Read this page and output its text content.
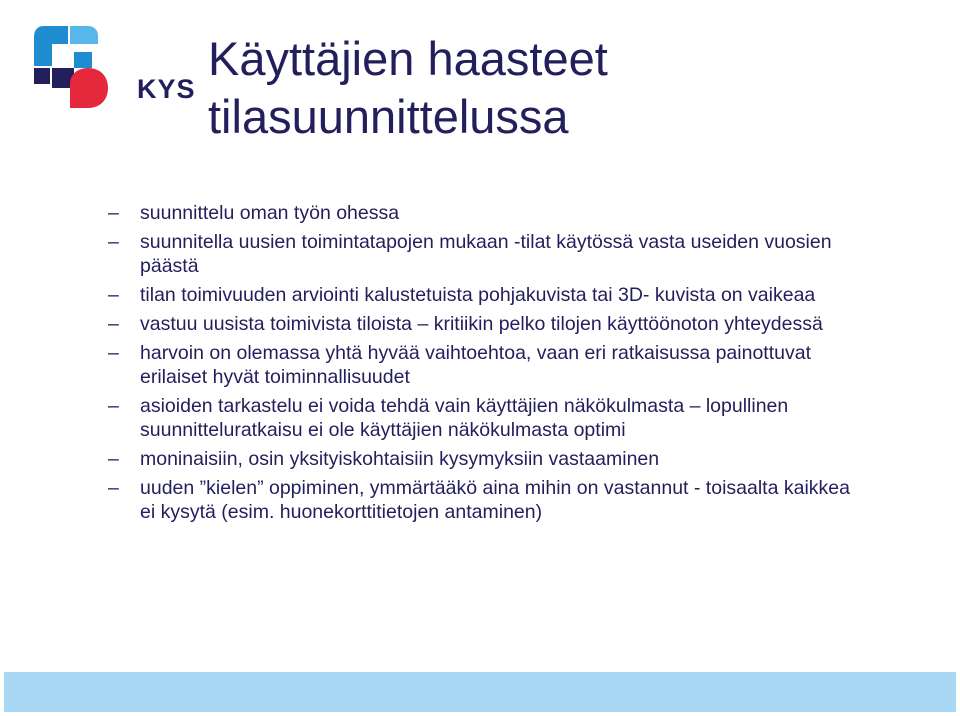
KYS
Käyttäjien haasteet
tilasuunnittelussa
– suunnittelu oman työn ohessa
– suunnitella uusien toimintatapojen mukaan -tilat käytössä vasta useiden vuosien päästä
– tilan toimivuuden arviointi kalustetuista pohjakuvista tai 3D- kuvista on vaikeaa
– vastuu uusista toimivista tiloista – kritiikin pelko tilojen käyttöönoton yhteydessä
– harvoin on olemassa yhtä hyvää vaihtoehtoa, vaan eri ratkaisussa painottuvat erilaiset hyvät toiminnallisuudet
– asioiden tarkastelu ei voida tehdä vain käyttäjien näkökulmasta – lopullinen suunnitteluratkaisu ei ole käyttäjien näkökulmasta optimi
– moninaisiin, osin yksityiskohtaisiin kysymyksiin vastaaminen
– uuden ”kielen” oppiminen, ymmärtääkö aina mihin on vastannut - toisaalta kaikkea ei kysytä (esim. huonekorttitietojen antaminen)
